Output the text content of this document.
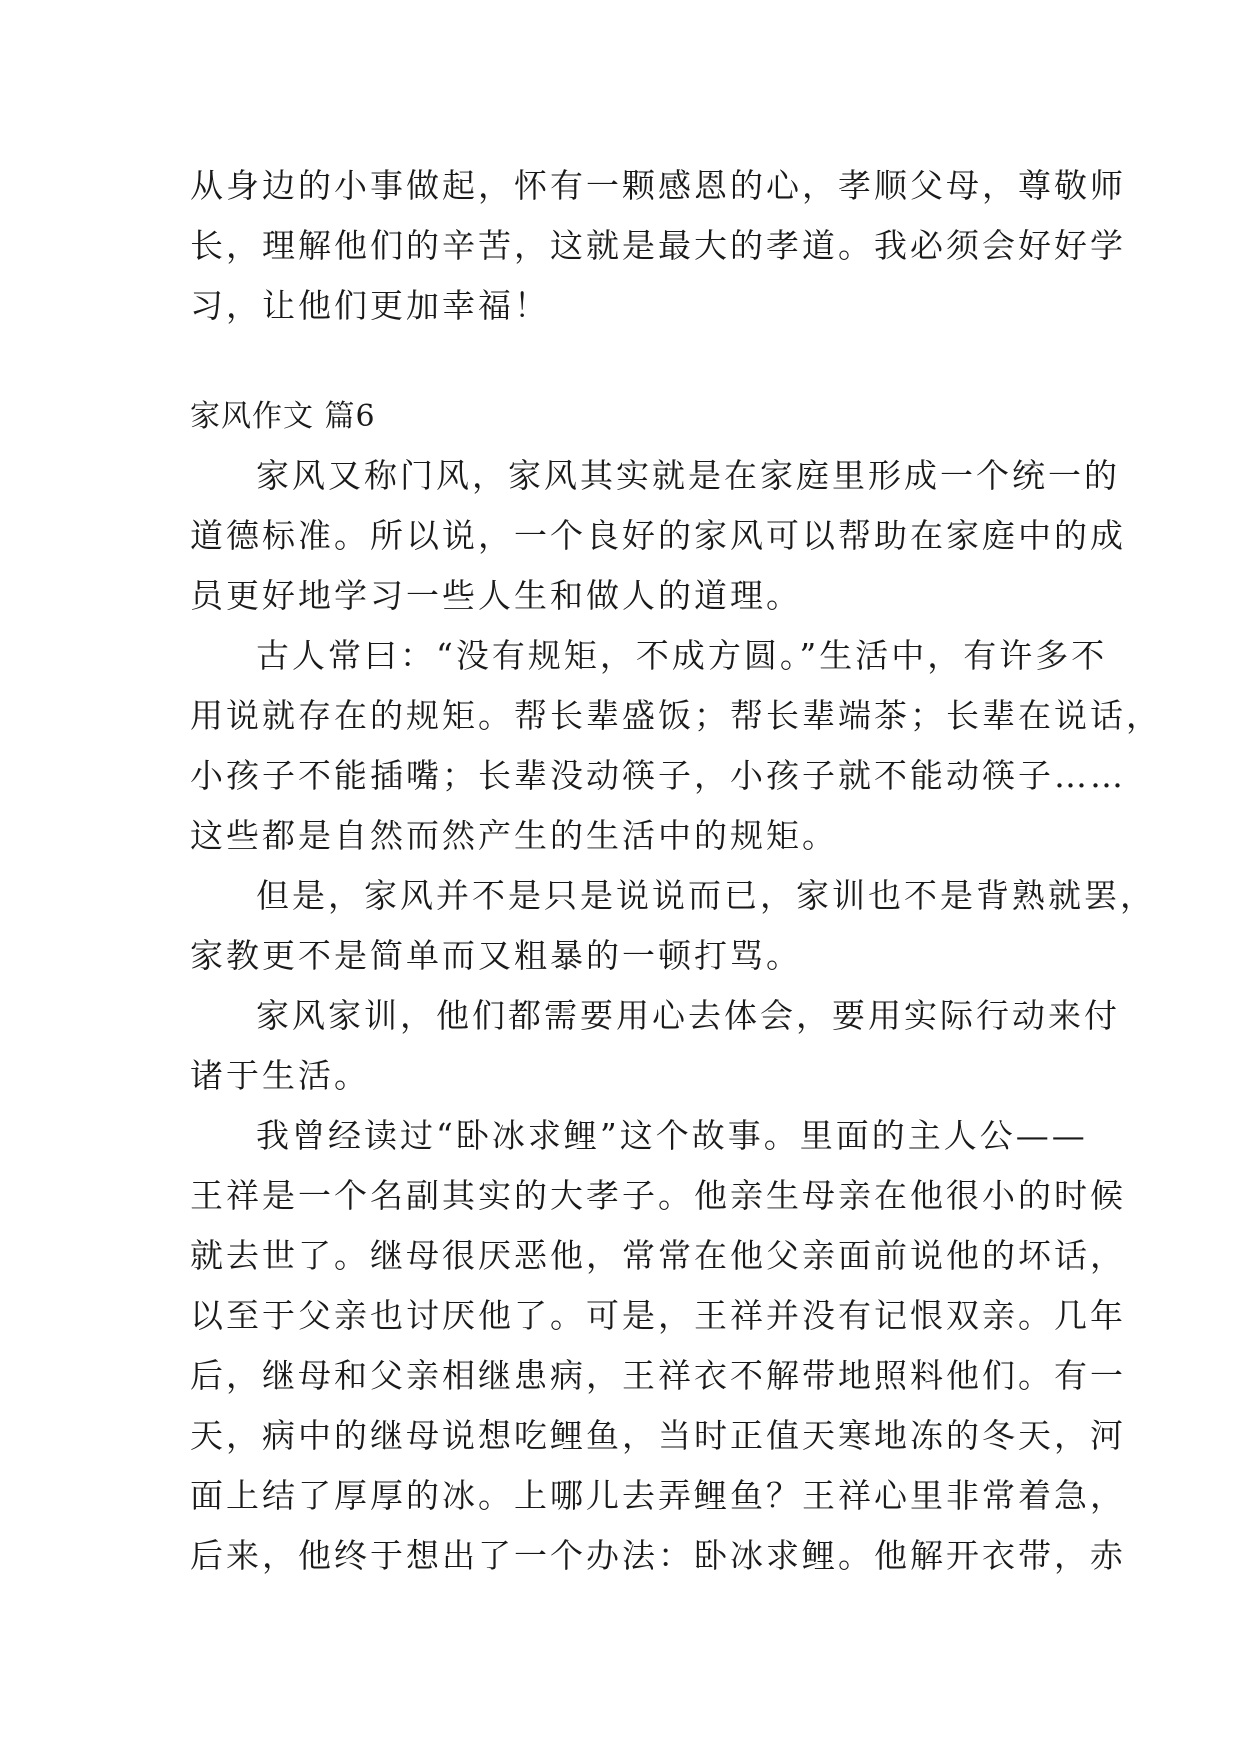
从身边的小事做起，怀有一颗感恩的心，孝顺父母，尊敬师
长，理解他们的辛苦，这就是最大的孝道。我必须会好好学
习，让他们更加幸福！
家风作文 篇6
家风又称门风，家风其实就是在家庭里形成一个统一的
道德标准。所以说，一个良好的家风可以帮助在家庭中的成
员更好地学习一些人生和做人的道理。
古人常曰：“没有规矩，不成方圆。”生活中，有许多不
用说就存在的规矩。帮长辈盛饭；帮长辈端茶；长辈在说话，
小孩子不能插嘴；长辈没动筷子，小孩子就不能动筷子……
这些都是自然而然产生的生活中的规矩。
但是，家风并不是只是说说而已，家训也不是背熟就罢，
家教更不是简单而又粗暴的一顿打骂。
家风家训，他们都需要用心去体会，要用实际行动来付
诸于生活。
我曾经读过“卧冰求鲤”这个故事。里面的主人公——
王祥是一个名副其实的大孝子。他亲生母亲在他很小的时候
就去世了。继母很厌恶他，常常在他父亲面前说他的坏话，
以至于父亲也讨厌他了。可是，王祥并没有记恨双亲。几年
后，继母和父亲相继患病，王祥衣不解带地照料他们。有一
天，病中的继母说想吃鲤鱼，当时正值天寒地冻的冬天，河
面上结了厚厚的冰。上哪儿去弄鲤鱼？王祥心里非常着急，
后来，他终于想出了一个办法：卧冰求鲤。他解开衣带，赤
